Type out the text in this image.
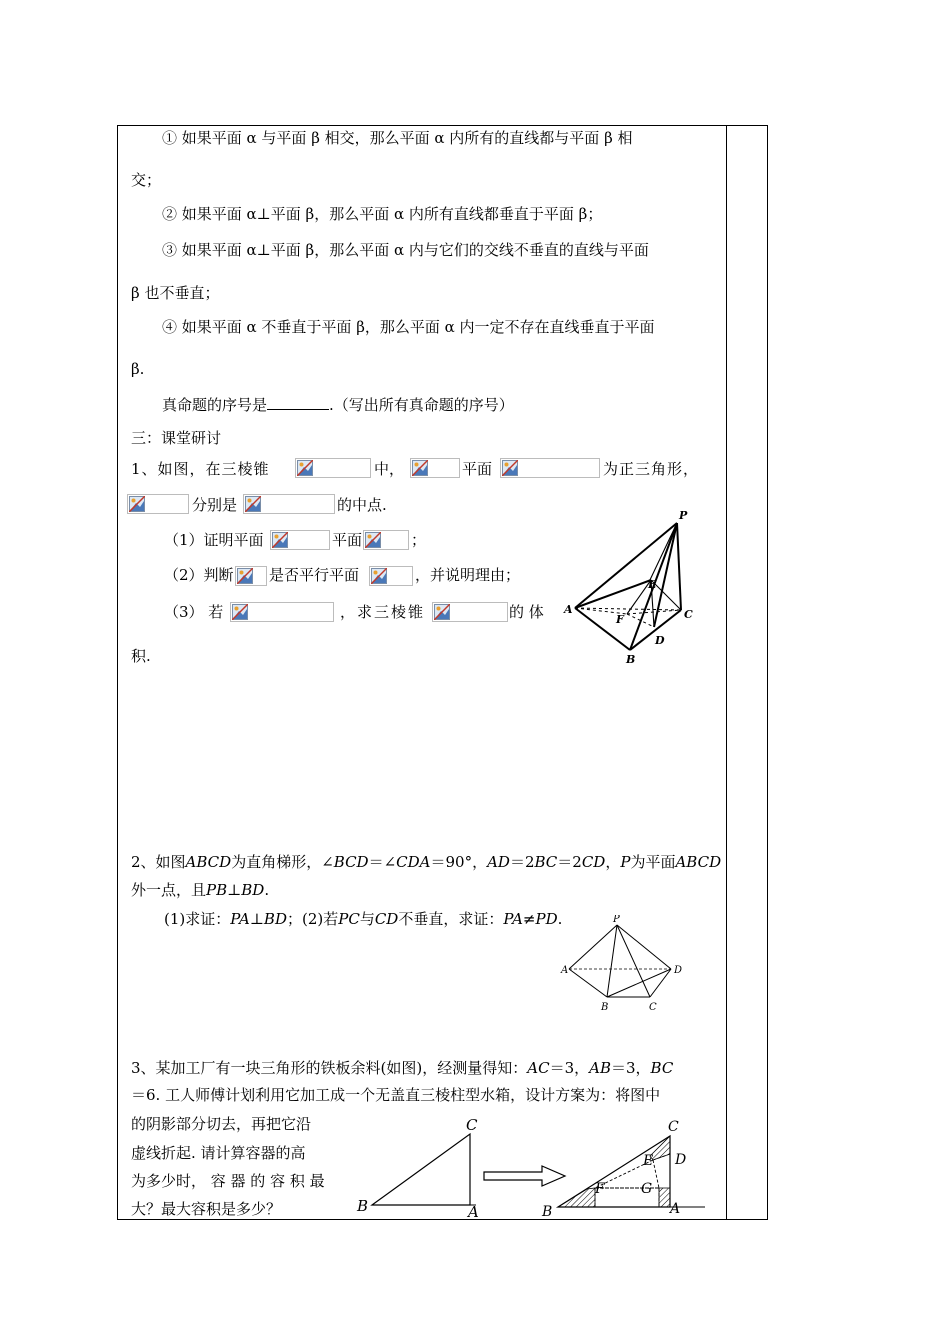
① 如果平面 α 与平面 β 相交，那么平面 α 内所有的直线都与平面 β 相
交；
② 如果平面 α⊥平面 β，那么平面 α 内所有直线都垂直于平面 β；
③ 如果平面 α⊥平面 β，那么平面 α 内与它们的交线不垂直的直线与平面
β 也不垂直；
④ 如果平面 α 不垂直于平面 β，那么平面 α 内一定不存在直线垂直于平面
β.
真命题的序号是	.（写出所有真命题的序号）
三：课堂研讨
1、如图，在三棱锥	中，	平面	为正三角形，
分别是	的中点.
（1）证明平面	平面	；
（2）判断 是否平行平面	，并说明理由；
（3） 若	，求三棱锥	的 体
积.
P
E
A
F	C
D
B
2、如图ABCD为直角梯形，∠BCD＝∠CDA＝90°，AD＝2BC＝2CD，P为平面ABCD
外一点，且PB⊥BD.
(1)求证：PA⊥BD；(2)若PC与CD不垂直，求证：PA≠PD.	P
A	D
B	C
3、某加工厂有一块三角形的铁板余料(如图)，经测量得知：AC＝3，AB＝3，BC
＝6. 工人师傅计划利用它加工成一个无盖直三棱柱型水箱，设计方案为：将图中
的阴影部分切去，再把它沿
虚线折起. 请计算容器的高
为多少时， 容 器 的 容 积 最
大？最大容积是多少？
C
B	A
C
E D
F	G
B	A
